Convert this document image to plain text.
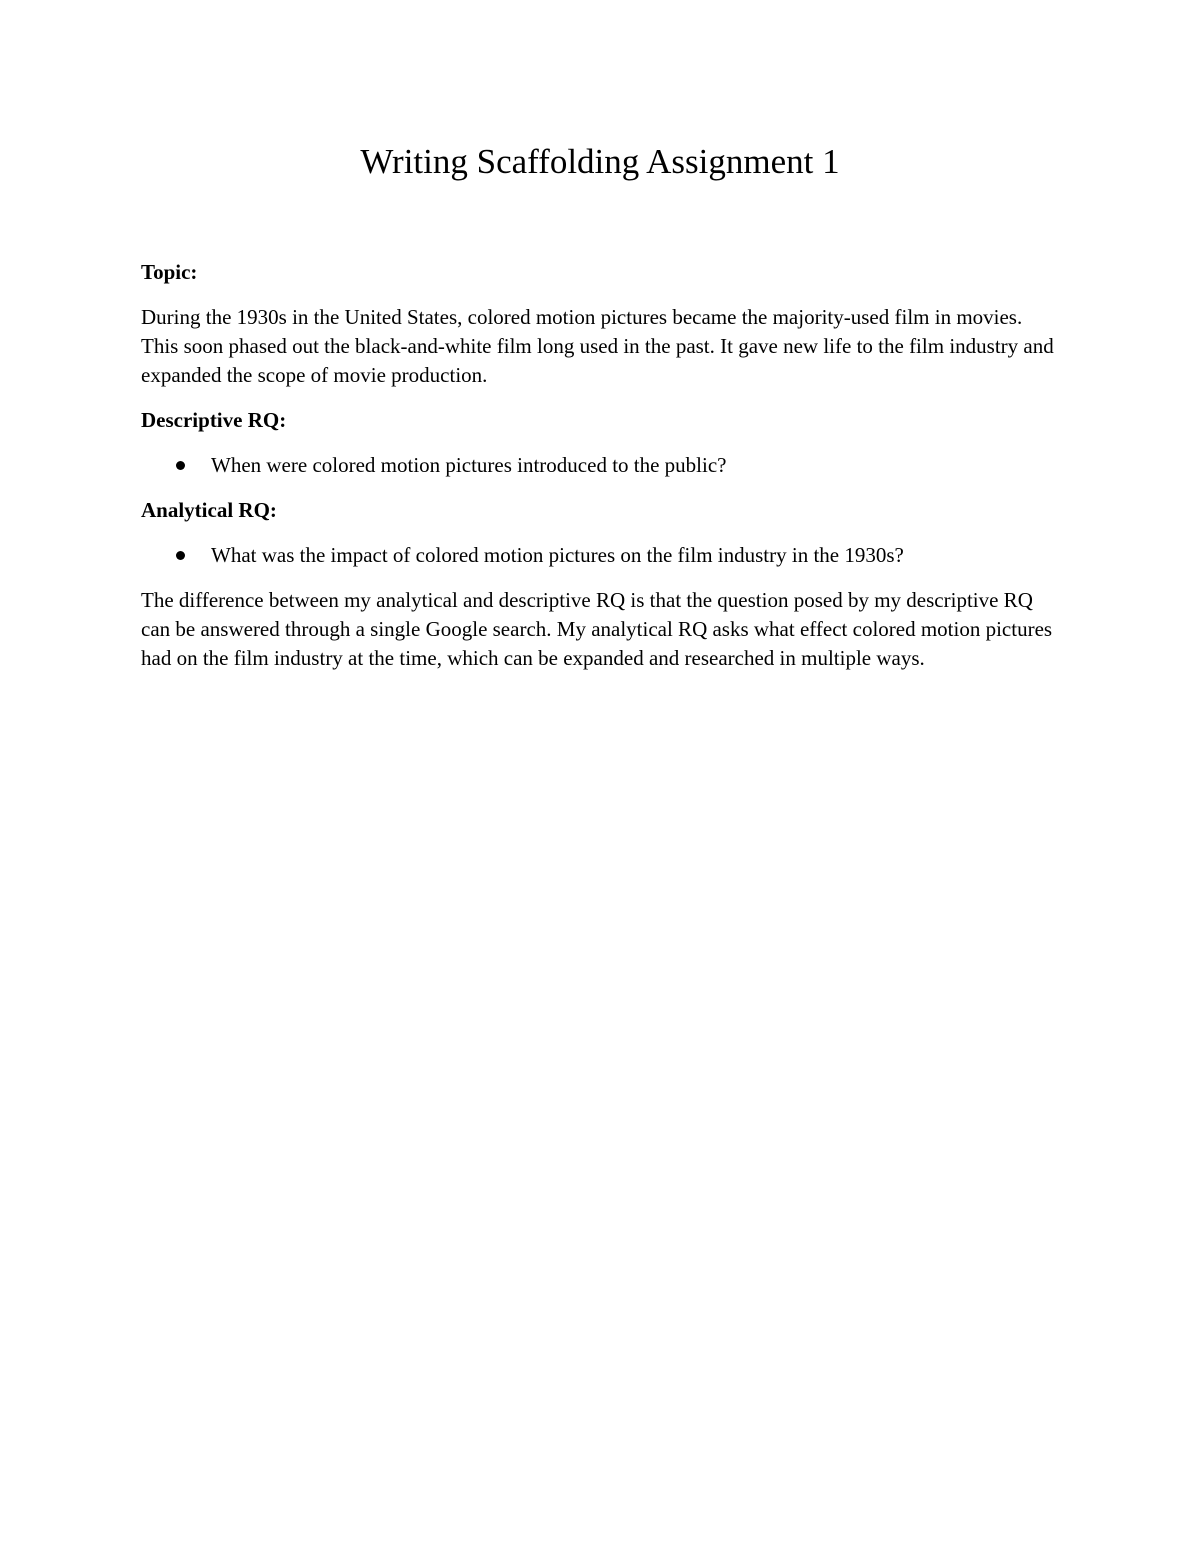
Writing Scaffolding Assignment 1

Topic:

During the 1930s in the United States, colored motion pictures became the majority-used film in movies. This soon phased out the black-and-white film long used in the past. It gave new life to the film industry and expanded the scope of movie production.

Descriptive RQ:

When were colored motion pictures introduced to the public?

Analytical RQ:

What was the impact of colored motion pictures on the film industry in the 1930s?

The difference between my analytical and descriptive RQ is that the question posed by my descriptive RQ can be answered through a single Google search. My analytical RQ asks what effect colored motion pictures had on the film industry at the time, which can be expanded and researched in multiple ways.
